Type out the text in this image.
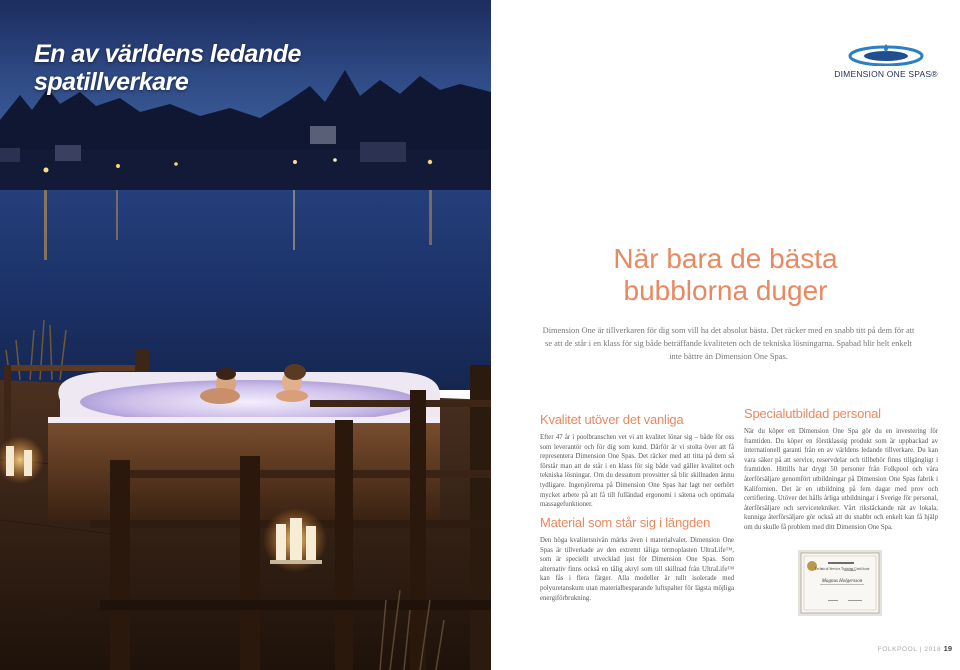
En av världens ledande
spatillverkare	DIMENSION ONE SPAS®
När bara de bästa
bubblorna duger

Dimension One är tillverkaren för dig som vill ha det absolut bästa. Det räcker med en snabb titt på dem för att se att de står i en klass för sig både beträffande kvaliteten och de tekniska lösningarna. Spabad blir helt enkelt inte bättre än Dimension One Spas.

Kvalitet utöver det vanliga

Efter 47 år i poolbranschen vet vi att kvalitet lönar sig – både för oss som leverantör och för dig som kund. Därför är vi stolta över att få representera Dimension One Spas. Det räcker med att titta på dem så förstår man att de står i en klass för sig både vad gäller kvalitet och tekniska lösningar. Om du dessutom provsitter så blir skillnaden ännu tydligare. Ingenjörerna på Dimension One Spas har lagt ner oerhört mycket arbete på att få till fulländad ergonomi i sätena och optimala massagefunktioner.

Material som står sig i längden

Den höga kvalitetsnivån märks även i materialvalet. Dimension One Spas är tillverkade av den extremt tåliga termoplasten UltraLife™, som är speciellt utvecklad just för Dimension One Spas. Som alternativ finns också en tålig akryl som till skillnad från UltraLife™ kan fås i flera färger. Alla modeller är tullt isolerade med polyuretanskum utan materialbesparande luftspalter för lägsta möjliga energiförbrukning.

Specialutbildad personal

När du köper ett Dimension One Spa gör du en investering för framtiden. Du köper en förstklassig produkt som är uppbackad av internationell garanti från en av världens ledande tillverkare. Du kan vara säker på att service, reservdelar och tillbehör finns tillgängligt i framtiden. Hittills har drygt 50 personer från Folkpool och våra återförsäljare genomfört utbildningar på Dimension One Spas fabrik i Kalifornien. Det är en utbildning på fem dagar med prov och certifiering. Utöver det hålls årliga utbildningar i Sverige för personal, återförsäljare och servicetekniker. Vårt rikstäckande nät av lokala, kunniga återförsäljare gör också att du snabbt och enkelt kan få hjälp om du skulle få problem med ditt Dimension One Spa.

Technical Service Training Certificate
Magnus Holgersson
FOLKPOOL | 2018 19
